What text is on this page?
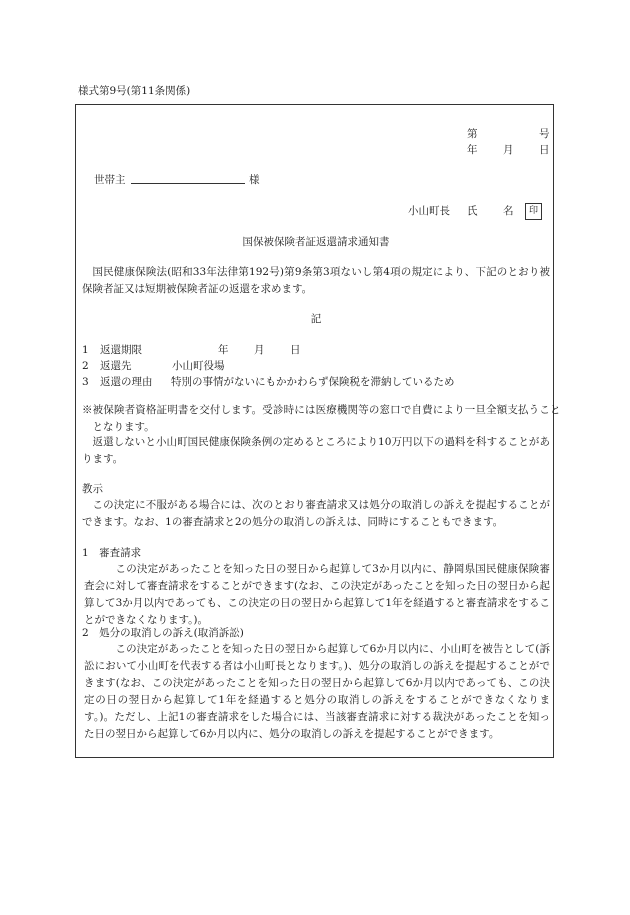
様式第9号(第11条関係)
第	号
年 月 日
世帯主	様
小山町長 氏 名	印
国保被保険者証返還請求通知書
国民健康保険法(昭和33年法律第192号)第9条第3項ないし第4項の規定により、下記のとおり被保険者証又は短期被保険者証の返還を求めます。
記
1 返還期限	年 月 日
2 返還先	小山町役場
3 返還の理由 特別の事情がないにもかかわらず保険税を滞納しているため
※被保険者資格証明書を交付します。受診時には医療機関等の窓口で自費により一旦全額支払うこととなります。
返還しないと小山町国民健康保険条例の定めるところにより10万円以下の過料を科することがあります。
教示
この決定に不服がある場合には、次のとおり審査請求又は処分の取消しの訴えを提起することができます。なお、1の審査請求と2の処分の取消しの訴えは、同時にすることもできます。
1　審査請求
この決定があったことを知った日の翌日から起算して3か月以内に、静岡県国民健康保険審査会に対して審査請求をすることができます(なお、この決定があったことを知った日の翌日から起算して3か月以内であっても、この決定の日の翌日から起算して1年を経過すると審査請求をすることができなくなります。)。
2　処分の取消しの訴え(取消訴訟)
この決定があったことを知った日の翌日から起算して6か月以内に、小山町を被告として(訴訟において小山町を代表する者は小山町長となります。)、処分の取消しの訴えを提起することができます(なお、この決定があったことを知った日の翌日から起算して6か月以内であっても、この決定の日の翌日から起算して1年を経過すると処分の取消しの訴えをすることができなくなります。)。ただし、上記1の審査請求をした場合には、当該審査請求に対する裁決があったことを知った日の翌日から起算して6か月以内に、処分の取消しの訴えを提起することができます。
